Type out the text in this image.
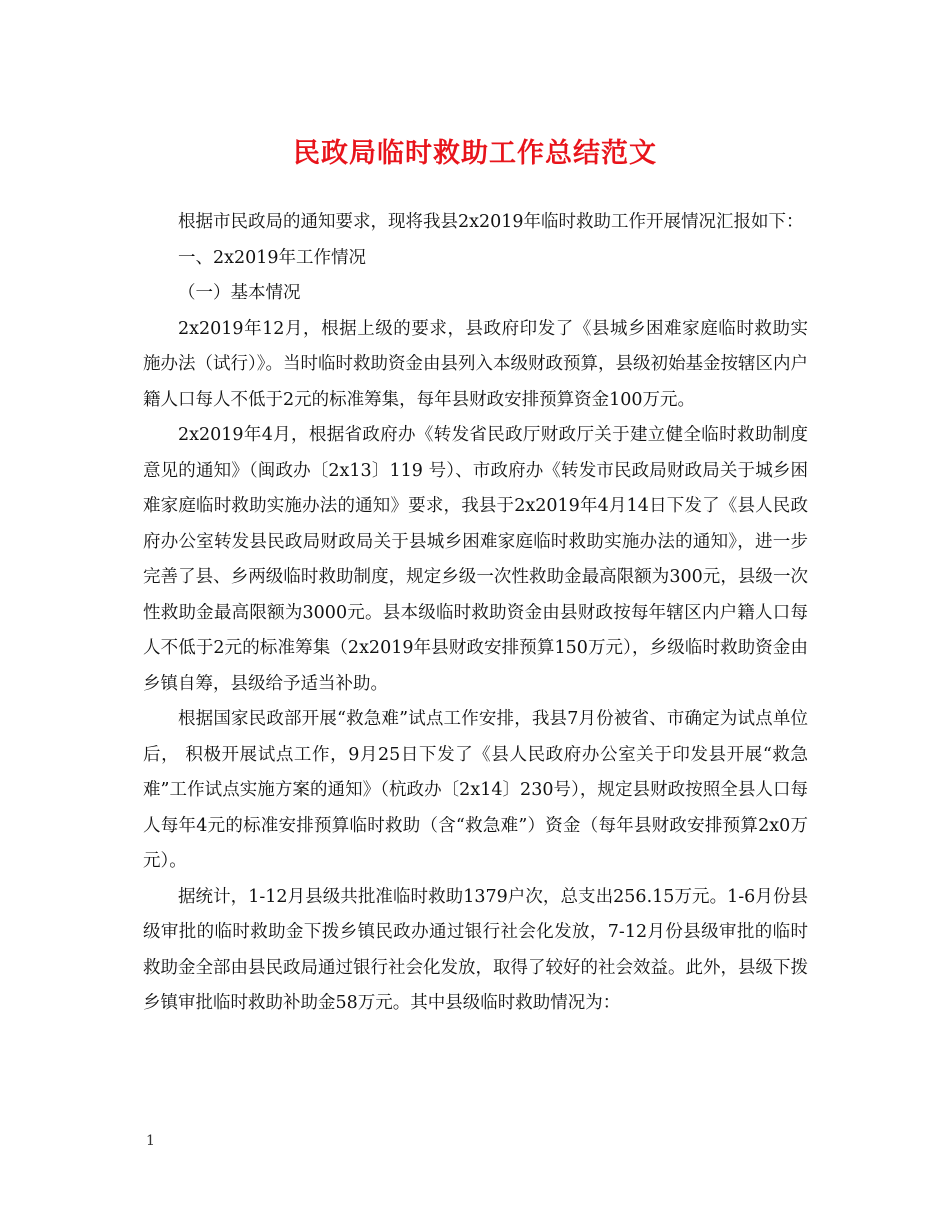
民政局临时救助工作总结范文

根据市民政局的通知要求，现将我县2x2019年临时救助工作开展情况汇报如下：

一、2x2019年工作情况

（一）基本情况

2x2019年12月，根据上级的要求，县政府印发了《县城乡困难家庭临时救助实施办法（试行）》。当时临时救助资金由县列入本级财政预算，县级初始基金按辖区内户籍人口每人不低于2元的标准筹集，每年县财政安排预算资金100万元。

2x2019年4月，根据省政府办《转发省民政厅财政厅关于建立健全临时救助制度意见的通知》（闽政办〔2x13〕119 号）、市政府办《转发市民政局财政局关于城乡困难家庭临时救助实施办法的通知》要求，我县于2x2019年4月14日下发了《县人民政府办公室转发县民政局财政局关于县城乡困难家庭临时救助实施办法的通知》，进一步完善了县、乡两级临时救助制度，规定乡级一次性救助金最高限额为300元，县级一次性救助金最高限额为3000元。县本级临时救助资金由县财政按每年辖区内户籍人口每人不低于2元的标准筹集（2x2019年县财政安排预算150万元），乡级临时救助资金由乡镇自筹，县级给予适当补助。

根据国家民政部开展“救急难”试点工作安排，我县7月份被省、市确定为试点单位后， 积极开展试点工作，9月25日下发了《县人民政府办公室关于印发县开展“救急难”工作试点实施方案的通知》（杭政办〔2x14〕230号），规定县财政按照全县人口每人每年4元的标准安排预算临时救助（含“救急难”）资金（每年县财政安排预算2x0万元）。

据统计，1-12月县级共批准临时救助1379户次，总支出256.15万元。1-6月份县级审批的临时救助金下拨乡镇民政办通过银行社会化发放，7-12月份县级审批的临时救助金全部由县民政局通过银行社会化发放，取得了较好的社会效益。此外，县级下拨乡镇审批临时救助补助金58万元。其中县级临时救助情况为：

1
